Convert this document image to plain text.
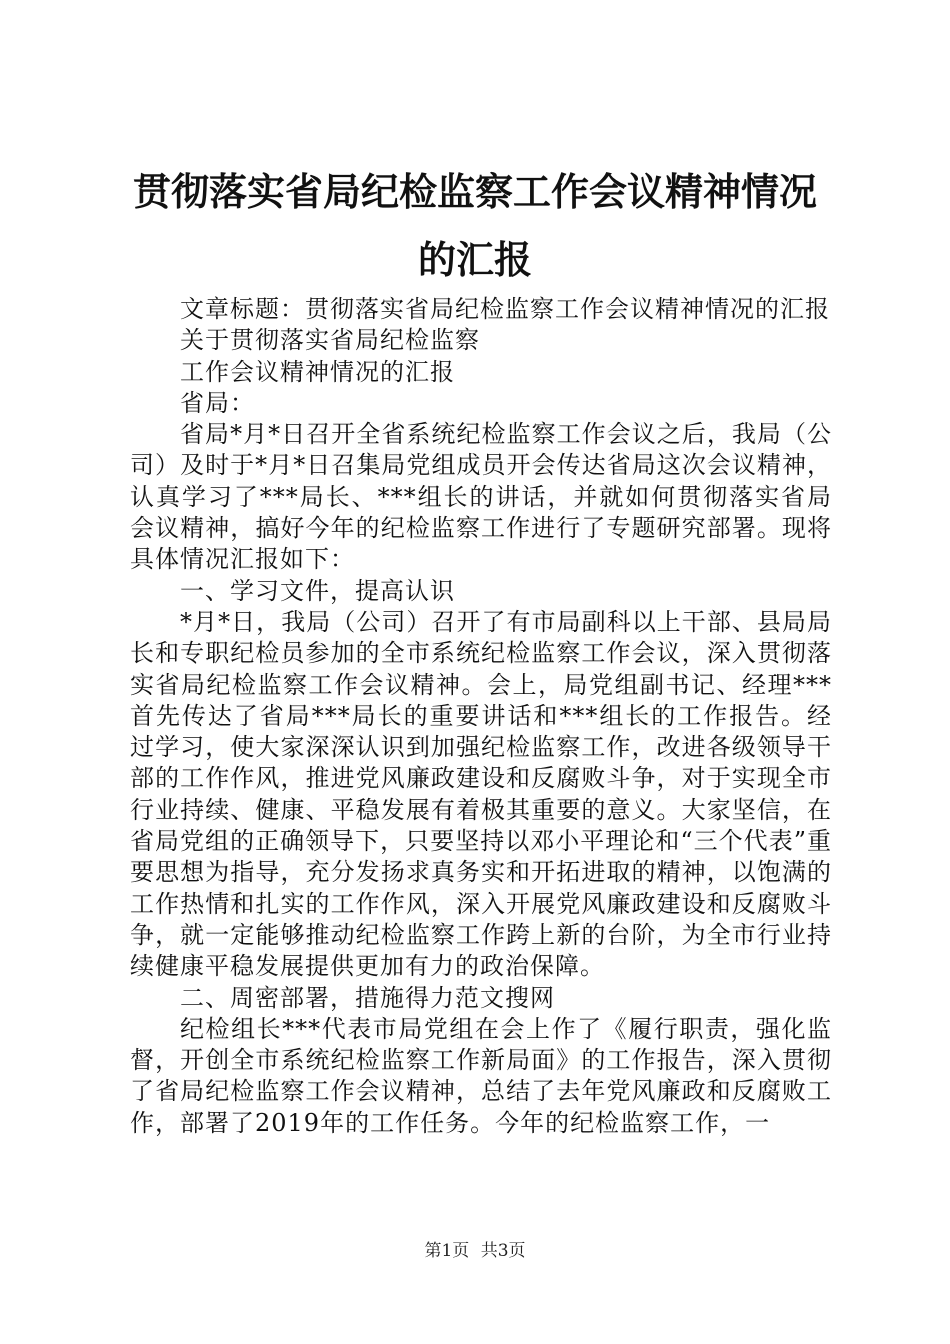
贯彻落实省局纪检监察工作会议精神情况的汇报

文章标题：贯彻落实省局纪检监察工作会议精神情况的汇报

关于贯彻落实省局纪检监察

工作会议精神情况的汇报

省局：

省局*月*日召开全省系统纪检监察工作会议之后，我局（公司）及时于*月*日召集局党组成员开会传达省局这次会议精神，认真学习了***局长、***组长的讲话，并就如何贯彻落实省局会议精神，搞好今年的纪检监察工作进行了专题研究部署。现将具体情况汇报如下：

一、学习文件，提高认识

*月*日，我局（公司）召开了有市局副科以上干部、县局局长和专职纪检员参加的全市系统纪检监察工作会议，深入贯彻落实省局纪检监察工作会议精神。会上，局党组副书记、经理***首先传达了省局***局长的重要讲话和***组长的工作报告。经过学习，使大家深深认识到加强纪检监察工作，改进各级领导干部的工作作风，推进党风廉政建设和反腐败斗争，对于实现全市行业持续、健康、平稳发展有着极其重要的意义。大家坚信，在省局党组的正确领导下，只要坚持以邓小平理论和“三个代表”重要思想为指导，充分发扬求真务实和开拓进取的精神，以饱满的工作热情和扎实的工作作风，深入开展党风廉政建设和反腐败斗争，就一定能够推动纪检监察工作跨上新的台阶，为全市行业持续健康平稳发展提供更加有力的政治保障。

二、周密部署，措施得力范文搜网

纪检组长***代表市局党组在会上作了《履行职责，强化监督，开创全市系统纪检监察工作新局面》的工作报告，深入贯彻了省局纪检监察工作会议精神，总结了去年党风廉政和反腐败工作，部署了2019年的工作任务。今年的纪检监察工作，一

第1页 共3页
